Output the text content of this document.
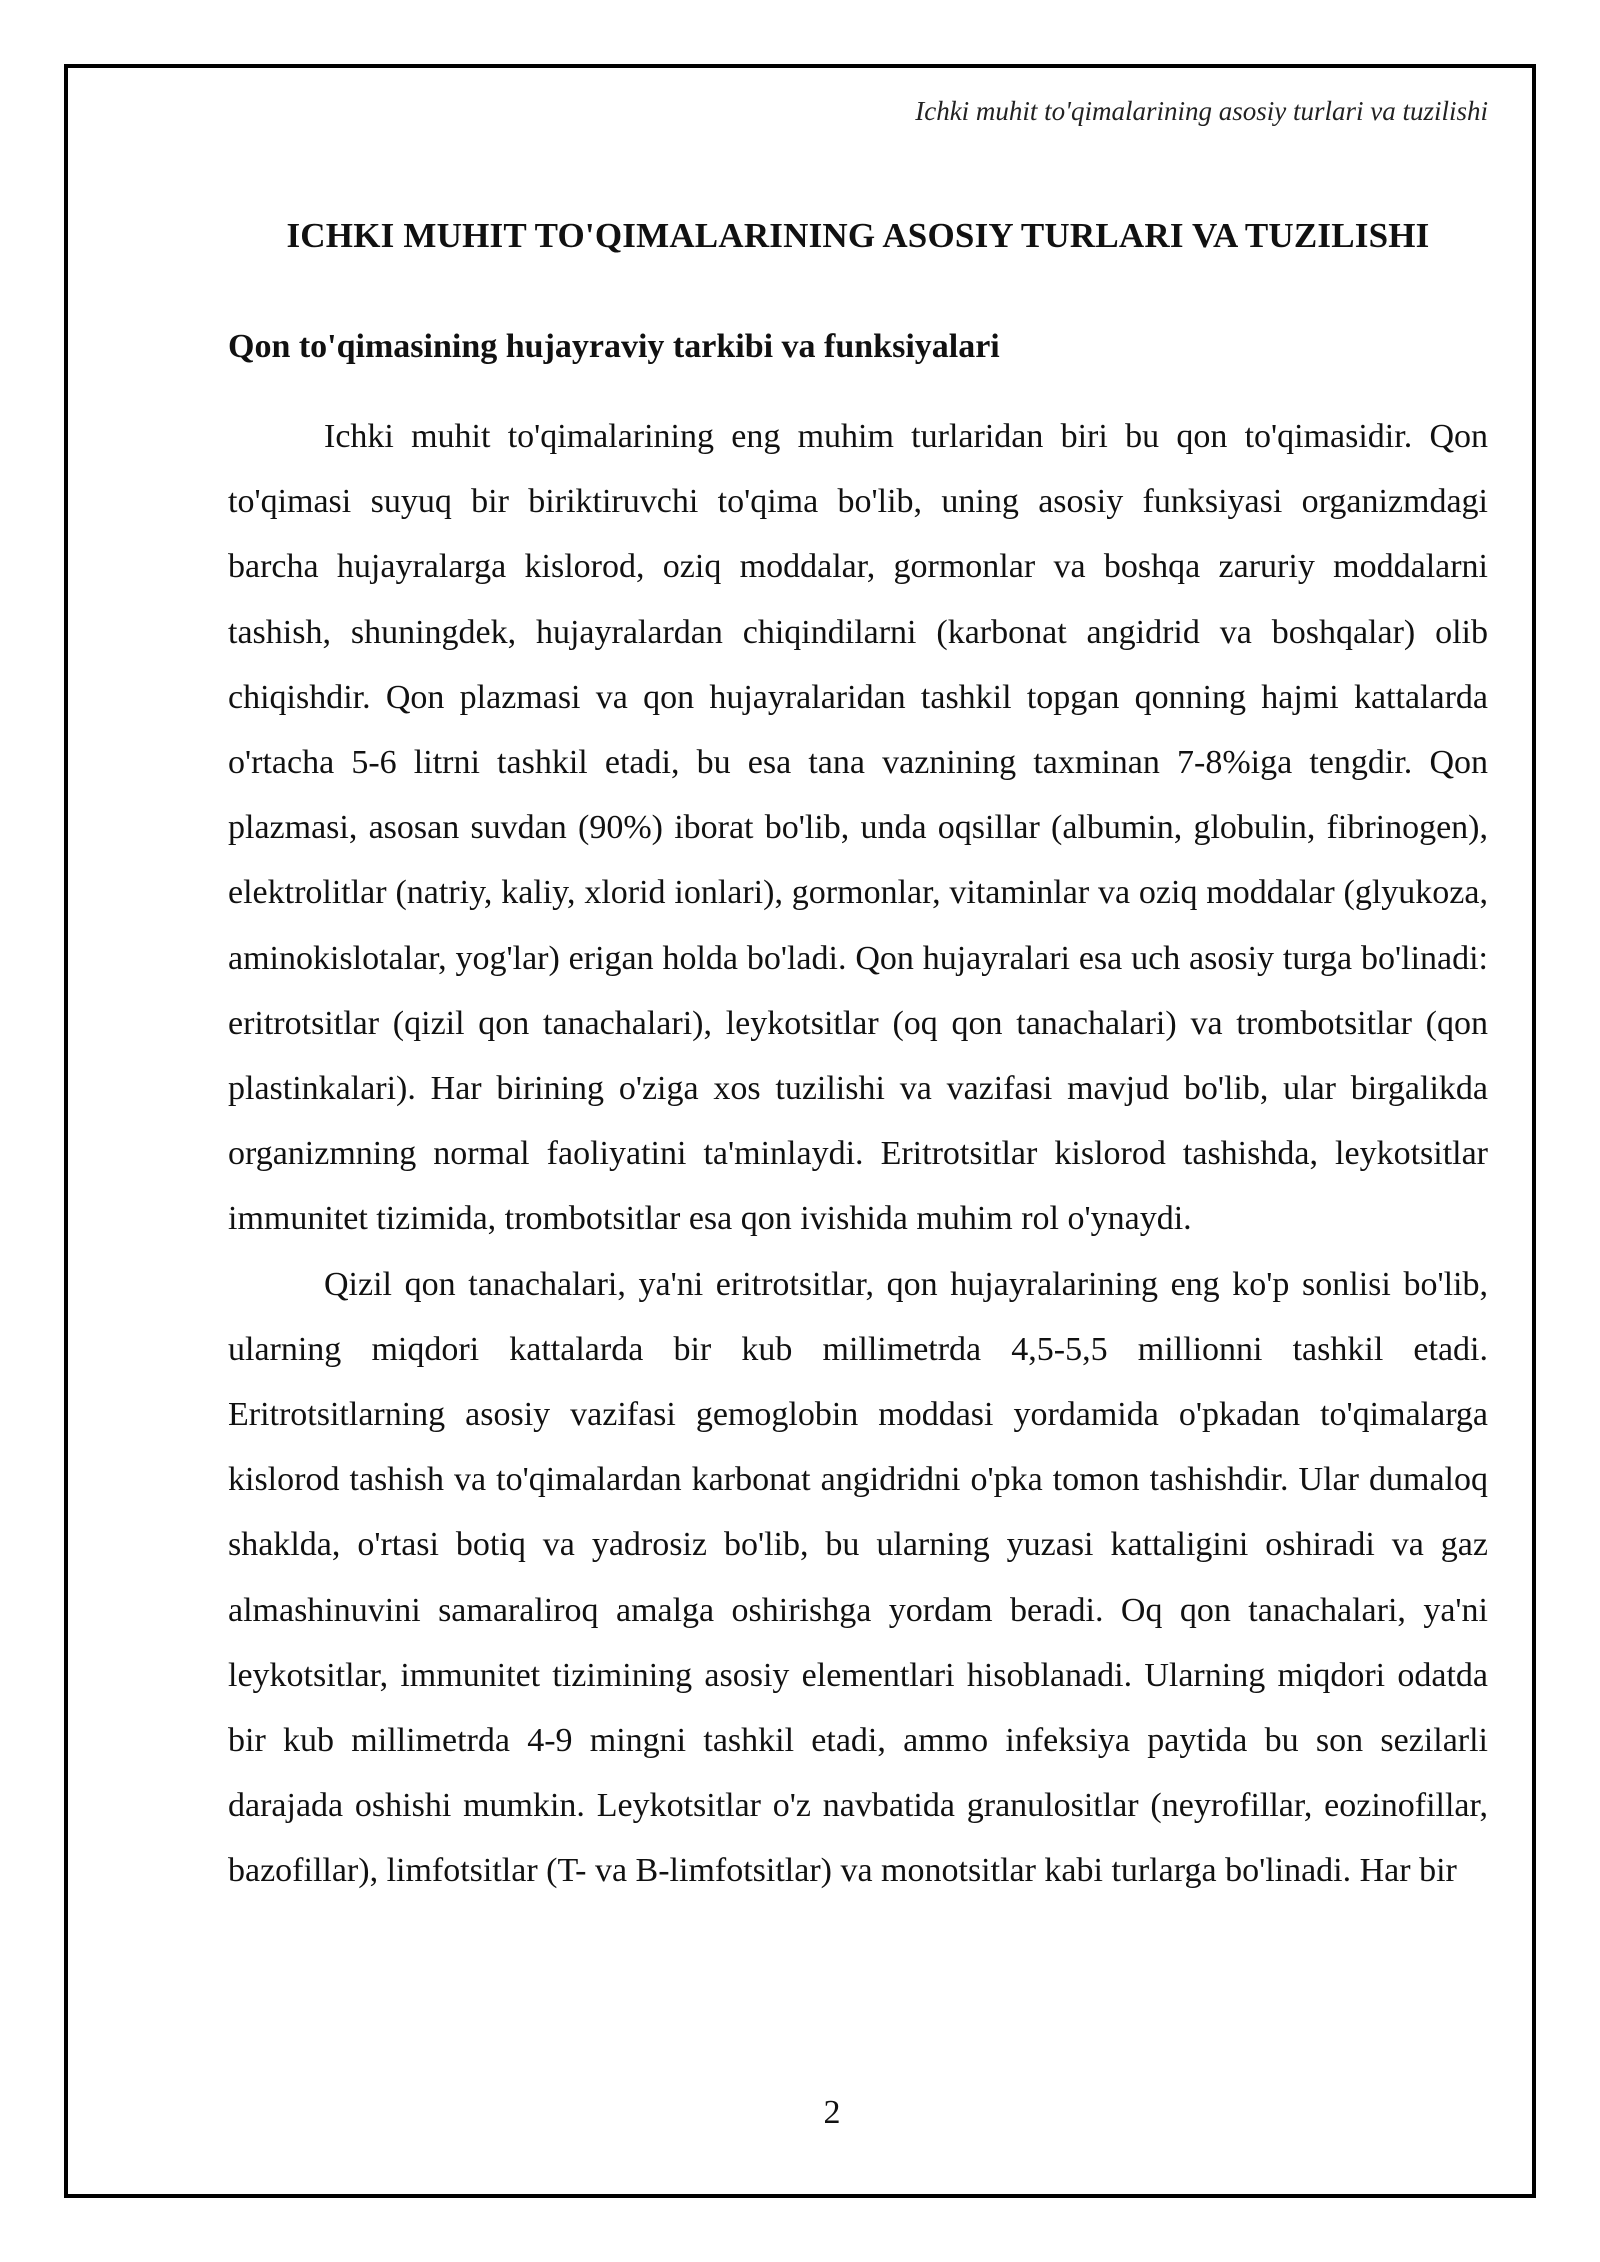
Ichki muhit to'qimalarining asosiy turlari va tuzilishi
ICHKI MUHIT TO'QIMALARINING ASOSIY TURLARI VA TUZILISHI
Qon to'qimasining hujayraviy tarkibi va funksiyalari

Ichki muhit to'qimalarining eng muhim turlaridan biri bu qon to'qimasidir. Qon to'qimasi suyuq bir biriktiruvchi to'qima bo'lib, uning asosiy funksiyasi organizmdagi barcha hujayralarga kislorod, oziq moddalar, gormonlar va boshqa zaruriy moddalarni tashish, shuningdek, hujayralardan chiqindilarni (karbonat angidrid va boshqalar) olib chiqishdir. Qon plazmasi va qon hujayralaridan tashkil topgan qonning hajmi kattalarda o'rtacha 5-6 litrni tashkil etadi, bu esa tana vaznining taxminan 7-8%iga tengdir. Qon plazmasi, asosan suvdan (90%) iborat bo'lib, unda oqsillar (albumin, globulin, fibrinogen), elektrolitlar (natriy, kaliy, xlorid ionlari), gormonlar, vitaminlar va oziq moddalar (glyukoza, aminokislotalar, yog'lar) erigan holda bo'ladi. Qon hujayralari esa uch asosiy turga bo'linadi: eritrotsitlar (qizil qon tanachalari), leykotsitlar (oq qon tanachalari) va trombotsitlar (qon plastinkalari). Har birining o'ziga xos tuzilishi va vazifasi mavjud bo'lib, ular birgalikda organizmning normal faoliyatini ta'minlaydi. Eritrotsitlar kislorod tashishda, leykotsitlar immunitet tizimida, trombotsitlar esa qon ivishida muhim rol o'ynaydi.

Qizil qon tanachalari, ya'ni eritrotsitlar, qon hujayralarining eng ko'p sonlisi bo'lib, ularning miqdori kattalarda bir kub millimetrda 4,5-5,5 millionni tashkil etadi. Eritrotsitlarning asosiy vazifasi gemoglobin moddasi yordamida o'pkadan to'qimalarga kislorod tashish va to'qimalardan karbonat angidridni o'pka tomon tashishdir. Ular dumaloq shaklda, o'rtasi botiq va yadrosiz bo'lib, bu ularning yuzasi kattaligini oshiradi va gaz almashinuvini samaraliroq amalga oshirishga yordam beradi. Oq qon tanachalari, ya'ni leykotsitlar, immunitet tizimining asosiy elementlari hisoblanadi. Ularning miqdori odatda bir kub millimetrda 4-9 mingni tashkil etadi, ammo infeksiya paytida bu son sezilarli darajada oshishi mumkin. Leykotsitlar o'z navbatida granulositlar (neyrofillar, eozinofillar, bazofillar), limfotsitlar (T- va B-limfotsitlar) va monotsitlar kabi turlarga bo'linadi. Har bir

2
